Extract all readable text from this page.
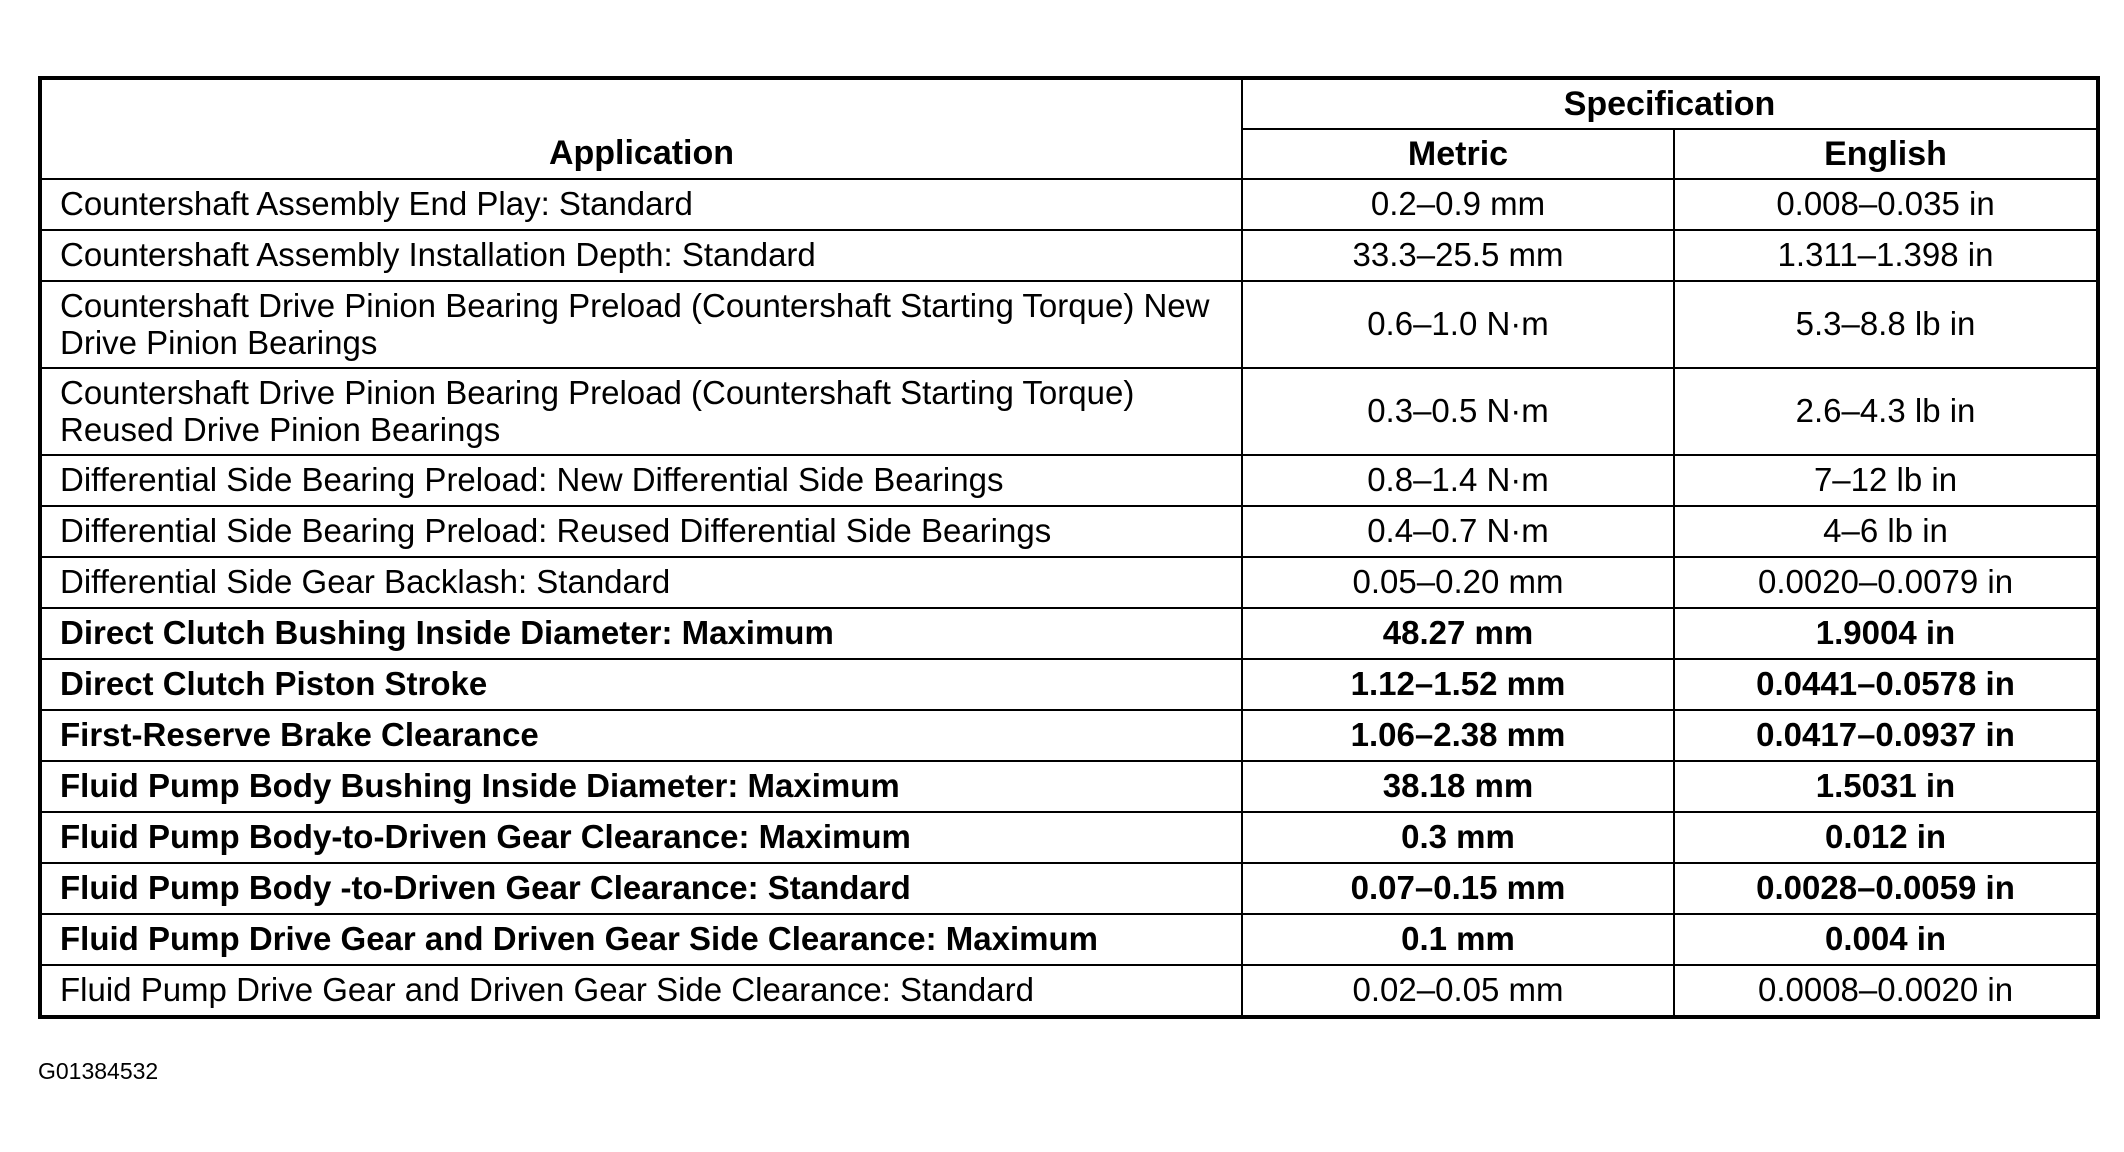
Application	Specification	
	Metric	English
Countershaft Assembly End Play: Standard	0.2–0.9 mm	0.008–0.035 in
Countershaft Assembly Installation Depth: Standard	33.3–25.5 mm	1.311–1.398 in
Countershaft Drive Pinion Bearing Preload (Countershaft Starting Torque) New Drive Pinion Bearings	0.6–1.0 N·m	5.3–8.8 lb in
Countershaft Drive Pinion Bearing Preload (Countershaft Starting Torque) Reused Drive Pinion Bearings	0.3–0.5 N·m	2.6–4.3 lb in
Differential Side Bearing Preload: New Differential Side Bearings	0.8–1.4 N·m	7–12 lb in
Differential Side Bearing Preload: Reused Differential Side Bearings	0.4–0.7 N·m	4–6 lb in
Differential Side Gear Backlash: Standard	0.05–0.20 mm	0.0020–0.0079 in
Direct Clutch Bushing Inside Diameter: Maximum	48.27 mm	1.9004 in
Direct Clutch Piston Stroke	1.12–1.52 mm	0.0441–0.0578 in
First-Reserve Brake Clearance	1.06–2.38 mm	0.0417–0.0937 in
Fluid Pump Body Bushing Inside Diameter: Maximum	38.18 mm	1.5031 in
Fluid Pump Body-to-Driven Gear Clearance: Maximum	0.3 mm	0.012 in
Fluid Pump Body -to-Driven Gear Clearance: Standard	0.07–0.15 mm	0.0028–0.0059 in
Fluid Pump Drive Gear and Driven Gear Side Clearance: Maximum	0.1 mm	0.004 in
Fluid Pump Drive Gear and Driven Gear Side Clearance: Standard	0.02–0.05 mm	0.0008–0.0020 in
G01384532
